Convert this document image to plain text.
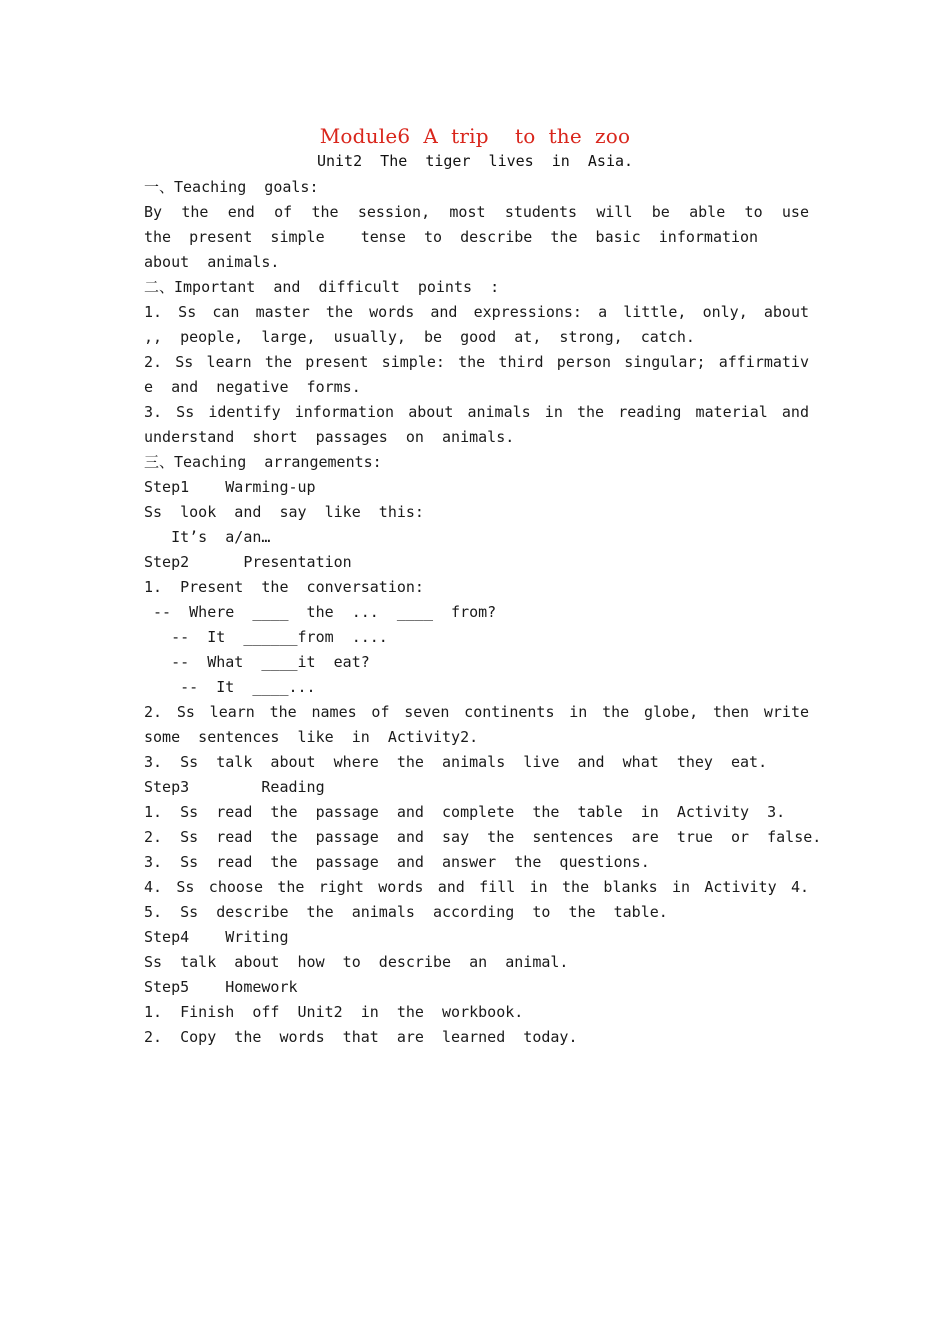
Module6  A  trip    to  the  zoo
Unit2  The  tiger  lives  in  Asia.
一、Teaching  goals:
By the end of the session, most students will be able to use
the  present  simple    tense  to  describe  the  basic  information
about  animals.
二、Important  and  difficult  points  :
1. Ss can master the words and expressions: a little, only, about
,,  people,  large,  usually,  be  good  at,  strong,  catch.
2. Ss learn the present simple: the third person singular; affirmativ
e  and  negative  forms.
3. Ss identify information about animals in the reading material and
understand  short  passages  on  animals.
三、Teaching  arrangements:
Step1    Warming-up
Ss  look  and  say  like  this:
It’s  a/an…
Step2      Presentation
1.  Present  the  conversation:
--  Where  ____  the  ...  ____  from?
--  It  ______from  ....
--  What  ____it  eat?
--  It  ____...
2. Ss learn the names of seven continents in the globe, then write
some  sentences  like  in  Activity2.
3.  Ss  talk  about  where  the  animals  live  and  what  they  eat.
Step3        Reading
1.  Ss  read  the  passage  and  complete  the  table  in  Activity  3.
2.  Ss  read  the  passage  and  say  the  sentences  are  true  or  false.
3.  Ss  read  the  passage  and  answer  the  questions.
4. Ss choose the right words and fill in the blanks in Activity 4.
5.  Ss  describe  the  animals  according  to  the  table.
Step4    Writing
Ss  talk  about  how  to  describe  an  animal.
Step5    Homework
1.  Finish  off  Unit2  in  the  workbook.
2.  Copy  the  words  that  are  learned  today.
